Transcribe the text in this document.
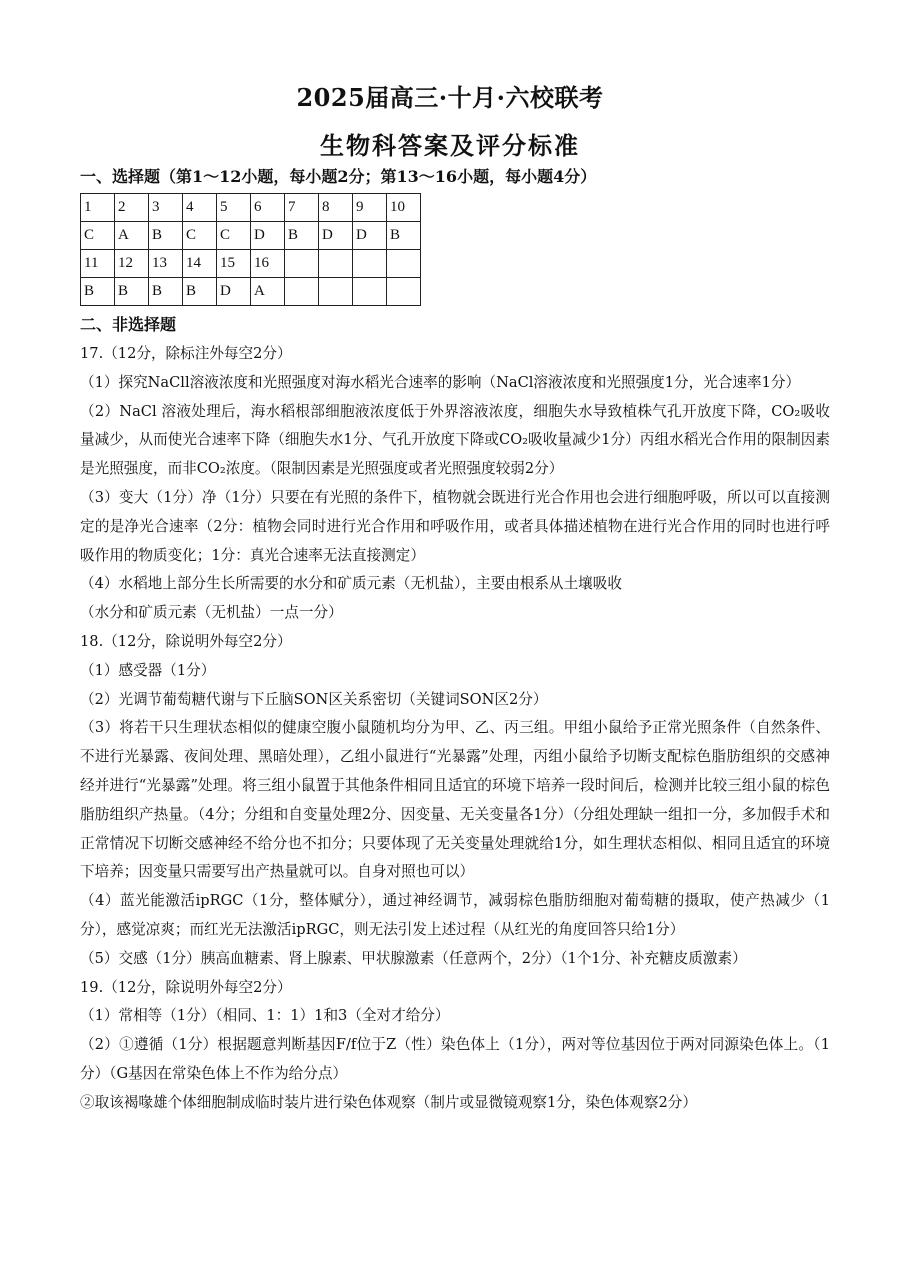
2025届高三·十月·六校联考
生物科答案及评分标准
一、选择题（第1～12小题，每小题2分；第13～16小题，每小题4分）
1	2	3	4	5	6	7	8	9	10
C	A	B	C	C	D	B	D	D	B
11	12	13	14	15	16				
B	B	B	B	D	A				
二、非选择题

17.（12分，除标注外每空2分）

（1）探究NaCll溶液浓度和光照强度对海水稻光合速率的影响（NaCl溶液浓度和光照强度1分，光合速率1分）

（2）NaCl 溶液处理后，海水稻根部细胞液浓度低于外界溶液浓度，细胞失水导致植株气孔开放度下降，CO₂吸收量减少，从而使光合速率下降（细胞失水1分、气孔开放度下降或CO₂吸收量减少1分）丙组水稻光合作用的限制因素是光照强度，而非CO₂浓度。（限制因素是光照强度或者光照强度较弱2分）

（3）变大（1分）净（1分）只要在有光照的条件下，植物就会既进行光合作用也会进行细胞呼吸，所以可以直接测定的是净光合速率（2分：植物会同时进行光合作用和呼吸作用，或者具体描述植物在进行光合作用的同时也进行呼吸作用的物质变化；1分：真光合速率无法直接测定）

（4）水稻地上部分生长所需要的水分和矿质元素（无机盐），主要由根系从土壤吸收

（水分和矿质元素（无机盐）一点一分）

18.（12分，除说明外每空2分）

（1）感受器（1分）

（2）光调节葡萄糖代谢与下丘脑SON区关系密切（关键词SON区2分）

（3）将若干只生理状态相似的健康空腹小鼠随机均分为甲、乙、丙三组。甲组小鼠给予正常光照条件（自然条件、不进行光暴露、夜间处理、黑暗处理），乙组小鼠进行“光暴露”处理，丙组小鼠给予切断支配棕色脂肪组织的交感神经并进行“光暴露”处理。将三组小鼠置于其他条件相同且适宜的环境下培养一段时间后，检测并比较三组小鼠的棕色脂肪组织产热量。（4分；分组和自变量处理2分、因变量、无关变量各1分）（分组处理缺一组扣一分，多加假手术和正常情况下切断交感神经不给分也不扣分；只要体现了无关变量处理就给1分，如生理状态相似、相同且适宜的环境下培养；因变量只需要写出产热量就可以。自身对照也可以）

（4）蓝光能激活ipRGC（1分，整体赋分），通过神经调节，减弱棕色脂肪细胞对葡萄糖的摄取，使产热减少（1分），感觉凉爽；而红光无法激活ipRGC，则无法引发上述过程（从红光的角度回答只给1分）

（5）交感（1分）胰高血糖素、肾上腺素、甲状腺激素（任意两个，2分）（1个1分、补充糖皮质激素）

19.（12分，除说明外每空2分）

（1）常相等（1分）（相同、1：1）1和3（全对才给分）

（2）①遵循（1分）根据题意判断基因F/f位于Z（性）染色体上（1分），两对等位基因位于两对同源染色体上。（1分）（G基因在常染色体上不作为给分点）

②取该褐喙雄个体细胞制成临时装片进行染色体观察（制片或显微镜观察1分，染色体观察2分）
